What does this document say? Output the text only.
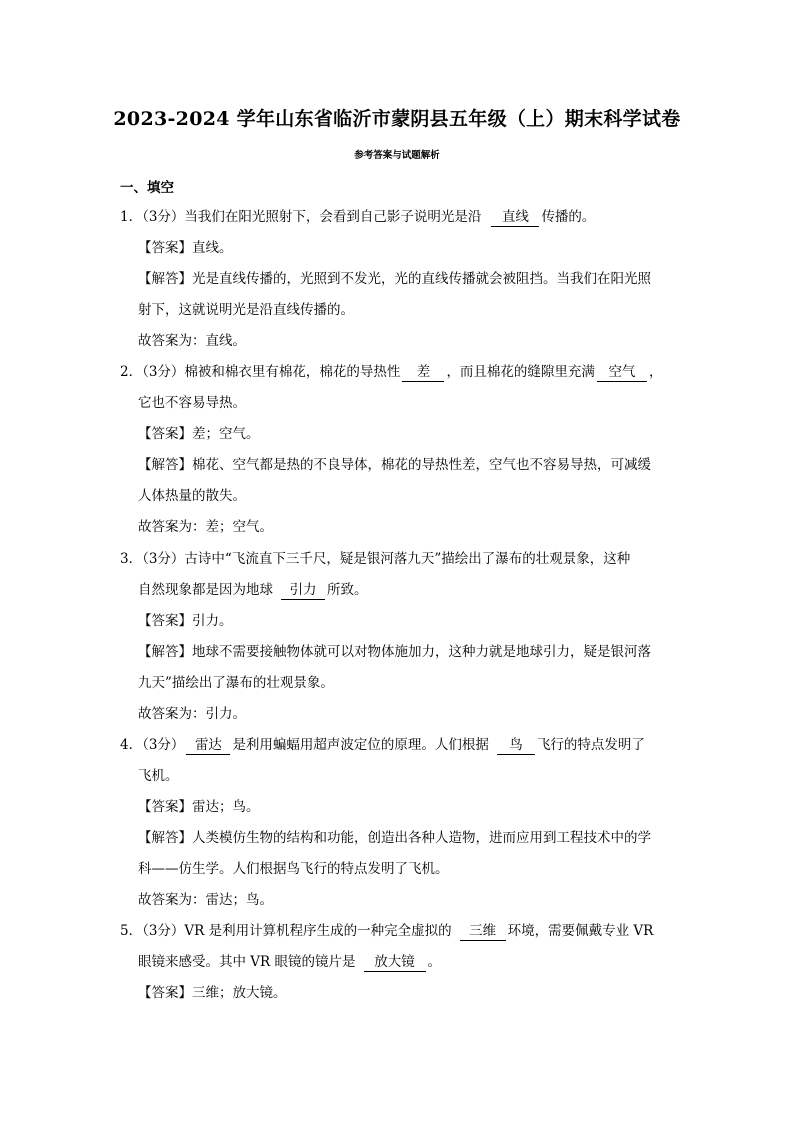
2023-2024 学年山东省临沂市蒙阴县五年级（上）期末科学试卷
参考答案与试题解析
一、填空
1．（3分）当我们在阳光照射下，会看到自己影子说明光是沿 直线 传播的。
【答案】直线。
【解答】光是直线传播的，光照到不发光，光的直线传播就会被阻挡。当我们在阳光照
射下，这就说明光是沿直线传播的。
故答案为：直线。
2．（3分）棉被和棉衣里有棉花，棉花的导热性 差 ，而且棉花的缝隙里充满 空气 ，
它也不容易导热。
【答案】差；空气。
【解答】棉花、空气都是热的不良导体，棉花的导热性差，空气也不容易导热，可减缓
人体热量的散失。
故答案为：差；空气。
3．（3分）古诗中“飞流直下三千尺，疑是银河落九天”描绘出了瀑布的壮观景象，这种
自然现象都是因为地球 引力 所致。
【答案】引力。
【解答】地球不需要接触物体就可以对物体施加力，这种力就是地球引力，疑是银河落
九天”描绘出了瀑布的壮观景象。
故答案为：引力。
4．（3分） 雷达 是利用蝙蝠用超声波定位的原理。人们根据 鸟 飞行的特点发明了
飞机。
【答案】雷达；鸟。
【解答】人类模仿生物的结构和功能，创造出各种人造物，进而应用到工程技术中的学
科——仿生学。人们根据鸟飞行的特点发明了飞机。
故答案为：雷达；鸟。
5．（3分）VR 是利用计算机程序生成的一种完全虚拟的 三维 环境，需要佩戴专业 VR
眼镜来感受。其中 VR 眼镜的镜片是 放大镜 。
【答案】三维；放大镜。
